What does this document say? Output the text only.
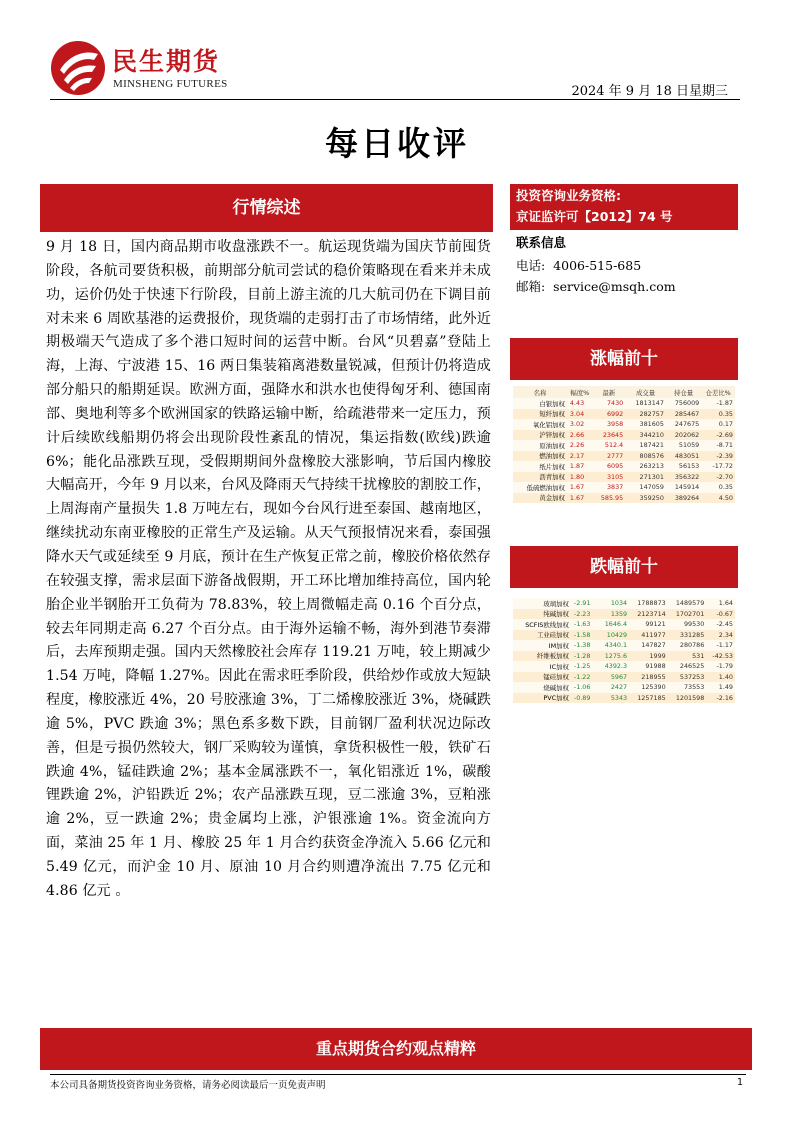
民生期货
MINSHENG FUTURES	2024 年 9 月 18 日星期三
每日收评
行情综述
9 月 18 日，国内商品期市收盘涨跌不一。航运现货端为国庆节前囤货阶段，各航司要货积极，前期部分航司尝试的稳价策略现在看来并未成功，运价仍处于快速下行阶段，目前上游主流的几大航司仍在下调目前对未来 6 周欧基港的运费报价，现货端的走弱打击了市场情绪，此外近期极端天气造成了多个港口短时间的运营中断。台风“贝碧嘉”登陆上海，上海、宁波港 15、16 两日集装箱离港数量锐减，但预计仍将造成部分船只的船期延误。欧洲方面，强降水和洪水也使得匈牙利、德国南部、奥地利等多个欧洲国家的铁路运输中断，给疏港带来一定压力，预计后续欧线船期仍将会出现阶段性紊乱的情况，集运指数(欧线)跌逾 6%；能化品涨跌互现，受假期期间外盘橡胶大涨影响，节后国内橡胶大幅高开，今年 9 月以来，台风及降雨天气持续干扰橡胶的割胶工作，上周海南产量损失 1.8 万吨左右，现如今台风行进至泰国、越南地区，继续扰动东南亚橡胶的正常生产及运输。从天气预报情况来看，泰国强降水天气或延续至 9 月底，预计在生产恢复正常之前，橡胶价格依然存在较强支撑，需求层面下游备战假期，开工环比增加维持高位，国内轮胎企业半钢胎开工负荷为 78.83%，较上周微幅走高 0.16 个百分点，较去年同期走高 6.27 个百分点。由于海外运输不畅，海外到港节奏滞后，去库预期走强。国内天然橡胶社会库存 119.21 万吨，较上期减少 1.54 万吨，降幅 1.27%。因此在需求旺季阶段，供给炒作或放大短缺程度，橡胶涨近 4%，20 号胶涨逾 3%，丁二烯橡胶涨近 3%，烧碱跌逾 5%，PVC 跌逾 3%；黑色系多数下跌，目前钢厂盈利状况边际改善，但是亏损仍然较大，钢厂采购较为谨慎，拿货积极性一般，铁矿石跌逾 4%，锰硅跌逾 2%；基本金属涨跌不一，氧化铝涨近 1%，碳酸锂跌逾 2%，沪铅跌近 2%；农产品涨跌互现，豆二涨逾 3%，豆粕涨逾 2%，豆一跌逾 2%；贵金属均上涨，沪银涨逾 1%。资金流向方面，菜油 25 年 1 月、橡胶 25 年 1 月合约获资金净流入 5.66 亿元和 5.49 亿元，而沪金 10 月、原油 10 月合约则遭净流出 7.75 亿元和 4.86 亿元 。
投资咨询业务资格:
京证监许可【2012】74 号
联系信息
电话: 4006-515-685
邮箱: service@msqh.com
涨幅前十
名称	幅度%	最新	成交量	持仓量	仓差比%
白银加权	4.43	7430	1813147	756009	-1.87
短纤加权	3.04	6992	282757	285467	0.35
氧化铝加权	3.02	3958	381605	247675	0.17
沪锌加权	2.66	23645	344210	202062	-2.69
原油加权	2.26	512.4	187421	51059	-8.71
燃油加权	2.17	2777	808576	483051	-2.39
纸片加权	1.87	6095	263213	56153	-17.72
沥青加权	1.80	3105	271301	356322	-2.70
低硫燃油加权	1.67	3837	147059	145914	0.35
黄金加权	1.67	585.95	359250	389264	4.50
跌幅前十
玻璃加权	-2.91	1034	1788873	1489579	1.64
纯碱加权	-2.23	1359	2123714	1702701	-0.67
SCFIS欧线加权	-1.63	1646.4	99121	99530	-2.45
工业硅加权	-1.58	10429	411977	331285	2.34
IM加权	-1.38	4340.1	147827	280786	-1.17
纤维板加权	-1.28	1275.6	1999	531	-42.53
IC加权	-1.25	4392.3	91988	246525	-1.79
锰硅加权	-1.22	5967	218955	537253	1.40
烧碱加权	-1.06	2427	125390	73553	1.49
PVC加权	-0.89	5343	1257185	1201598	-2.16
重点期货合约观点精粹
本公司具备期货投资咨询业务资格，请务必阅读最后一页免责声明	1
